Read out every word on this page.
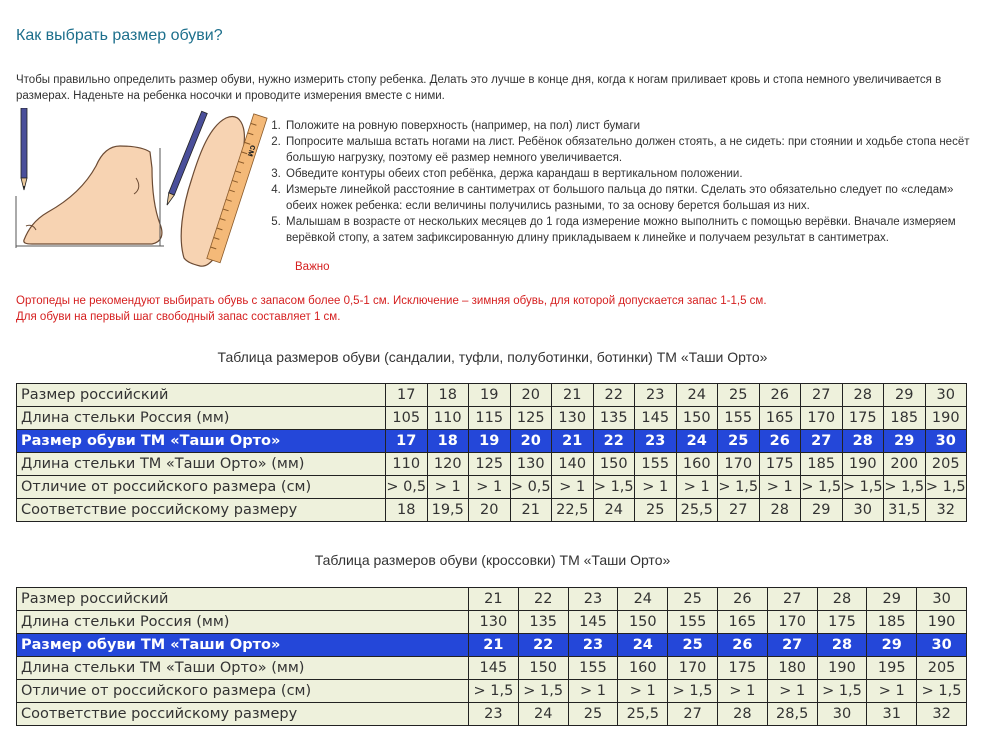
Как выбрать размер обуви?

Чтобы правильно определить размер обуви, нужно измерить стопу ребенка. Делать это лучше в конце дня, когда к ногам приливает кровь и стопа немного увеличивается в размерах. Наденьте на ребенка носочки и проводите измерения вместе с ними.

см
1. Положите на ровную поверхность (например, на пол) лист бумаги
2. Попросите малыша встать ногами на лист. Ребёнок обязательно должен стоять, а не сидеть: при стоянии и ходьбе стопа несёт большую нагрузку, поэтому её размер немного увеличивается.
3. Обведите контуры обеих стоп ребёнка, держа карандаш в вертикальном положении.
4. Измерьте линейкой расстояние в сантиметрах от большого пальца до пятки. Сделать это обязательно следует по «следам» обеих ножек ребенка: если величины получились разными, то за основу берется большая из них.
5. Малышам в возрасте от нескольких месяцев до 1 года измерение можно выполнить с помощью верёвки. Вначале измеряем верёвкой стопу, а затем зафиксированную длину прикладываем к линейке и получаем результат в сантиметрах.

Важно

Ортопеды не рекомендуют выбирать обувь с запасом более 0,5-1 см. Исключение – зимняя обувь, для которой допускается запас 1-1,5 см.
Для обуви на первый шаг свободный запас составляет 1 см.

Таблица размеров обуви (сандалии, туфли, полуботинки, ботинки) ТМ «Таши Орто»

Размер российский	17	18	19	20	21	22	23	24	25	26	27	28	29	30
Длина стельки Россия (мм)	105	110	115	125	130	135	145	150	155	165	170	175	185	190
Размер обуви ТМ «Таши Орто»	17	18	19	20	21	22	23	24	25	26	27	28	29	30
Длина стельки ТМ «Таши Орто» (мм)	110	120	125	130	140	150	155	160	170	175	185	190	200	205
Отличие от российского размера (см)	> 0,5	> 1	> 1	> 0,5	> 1	> 1,5	> 1	> 1	> 1,5	> 1	> 1,5	> 1,5	> 1,5	> 1,5
Соответствие российскому размеру	18	19,5	20	21	22,5	24	25	25,5	27	28	29	30	31,5	32

Таблица размеров обуви (кроссовки) ТМ «Таши Орто»

Размер российский	21	22	23	24	25	26	27	28	29	30
Длина стельки Россия (мм)	130	135	145	150	155	165	170	175	185	190
Размер обуви ТМ «Таши Орто»	21	22	23	24	25	26	27	28	29	30
Длина стельки ТМ «Таши Орто» (мм)	145	150	155	160	170	175	180	190	195	205
Отличие от российского размера (см)	> 1,5	> 1,5	> 1	> 1	> 1,5	> 1	> 1	> 1,5	> 1	> 1,5
Соответствие российскому размеру	23	24	25	25,5	27	28	28,5	30	31	32
